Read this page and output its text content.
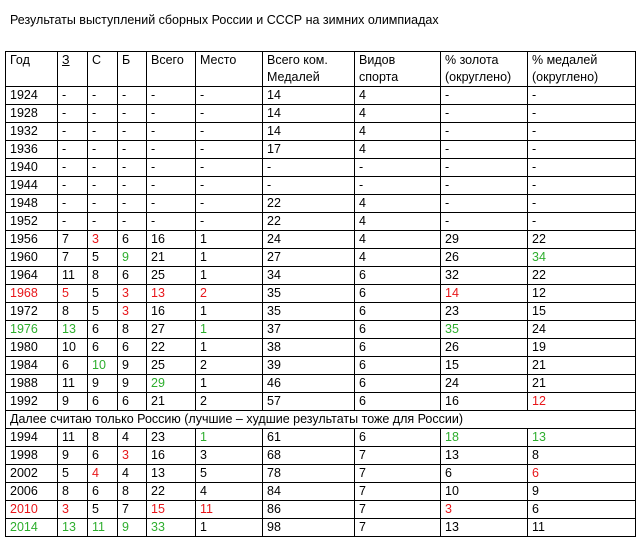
Результаты выступлений сборных России и СССР на зимних олимпиадах
Год	З	С	Б	Всего	Место	Всего ком. Медалей	Видов спорта	% золота (округлено)	% медалей (округлено)
1924	-	-	-	-	-	14	4	-	-
1928	-	-	-	-	-	14	4	-	-
1932	-	-	-	-	-	14	4	-	-
1936	-	-	-	-	-	17	4	-	-
1940	-	-	-	-	-	-	-	-	-
1944	-	-	-	-	-	-	-	-	-
1948	-	-	-	-	-	22	4	-	-
1952	-	-	-	-	-	22	4	-	-
1956	7	3	6	16	1	24	4	29	22
1960	7	5	9	21	1	27	4	26	34
1964	11	8	6	25	1	34	6	32	22
1968	5	5	3	13	2	35	6	14	12
1972	8	5	3	16	1	35	6	23	15
1976	13	6	8	27	1	37	6	35	24
1980	10	6	6	22	1	38	6	26	19
1984	6	10	9	25	2	39	6	15	21
1988	11	9	9	29	1	46	6	24	21
1992	9	6	6	21	2	57	6	16	12
Далее считаю только Россию (лучшие – худшие результаты тоже для России)									
1994	11	8	4	23	1	61	6	18	13
1998	9	6	3	16	3	68	7	13	8
2002	5	4	4	13	5	78	7	6	6
2006	8	6	8	22	4	84	7	10	9
2010	3	5	7	15	11	86	7	3	6
2014	13	11	9	33	1	98	7	13	11
